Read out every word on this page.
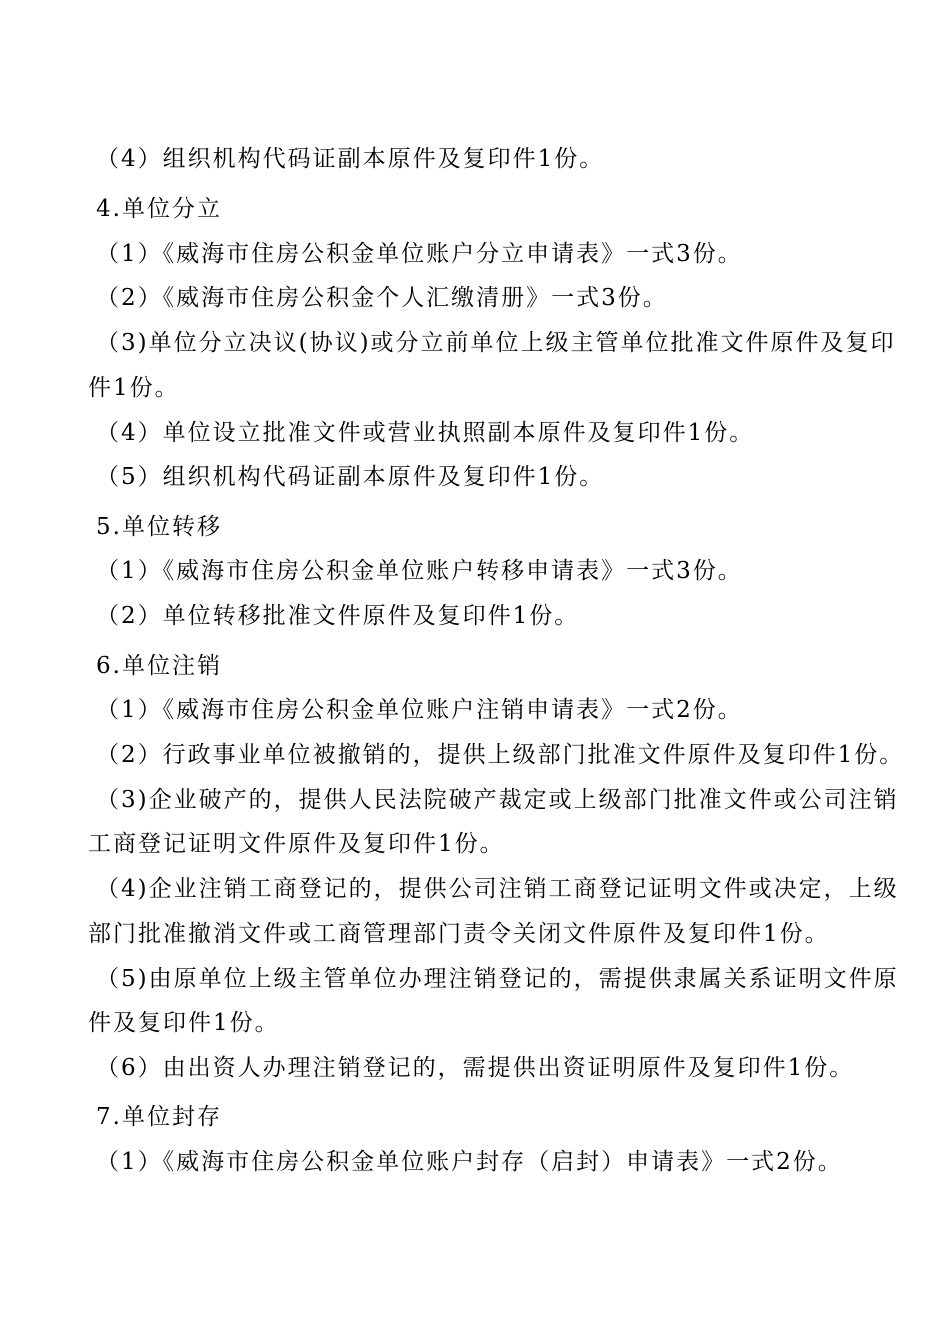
（4）组织机构代码证副本原件及复印件1份。
4.单位分立
（1）《威海市住房公积金单位账户分立申请表》一式3份。
（2）《威海市住房公积金个人汇缴清册》一式3份。
（3)单位分立决议(协议)或分立前单位上级主管单位批准文件原件及复印
件1份。
（4）单位设立批准文件或营业执照副本原件及复印件1份。
（5）组织机构代码证副本原件及复印件1份。
5.单位转移
（1）《威海市住房公积金单位账户转移申请表》一式3份。
（2）单位转移批准文件原件及复印件1份。
6.单位注销
（1）《威海市住房公积金单位账户注销申请表》一式2份。
（2）行政事业单位被撤销的，提供上级部门批准文件原件及复印件1份。
（3)企业破产的，提供人民法院破产裁定或上级部门批准文件或公司注销
工商登记证明文件原件及复印件1份。
（4)企业注销工商登记的，提供公司注销工商登记证明文件或决定，上级
部门批准撤消文件或工商管理部门责令关闭文件原件及复印件1份。
（5)由原单位上级主管单位办理注销登记的，需提供隶属关系证明文件原
件及复印件1份。
（6）由出资人办理注销登记的，需提供出资证明原件及复印件1份。
7.单位封存
（1）《威海市住房公积金单位账户封存（启封）申请表》一式2份。
